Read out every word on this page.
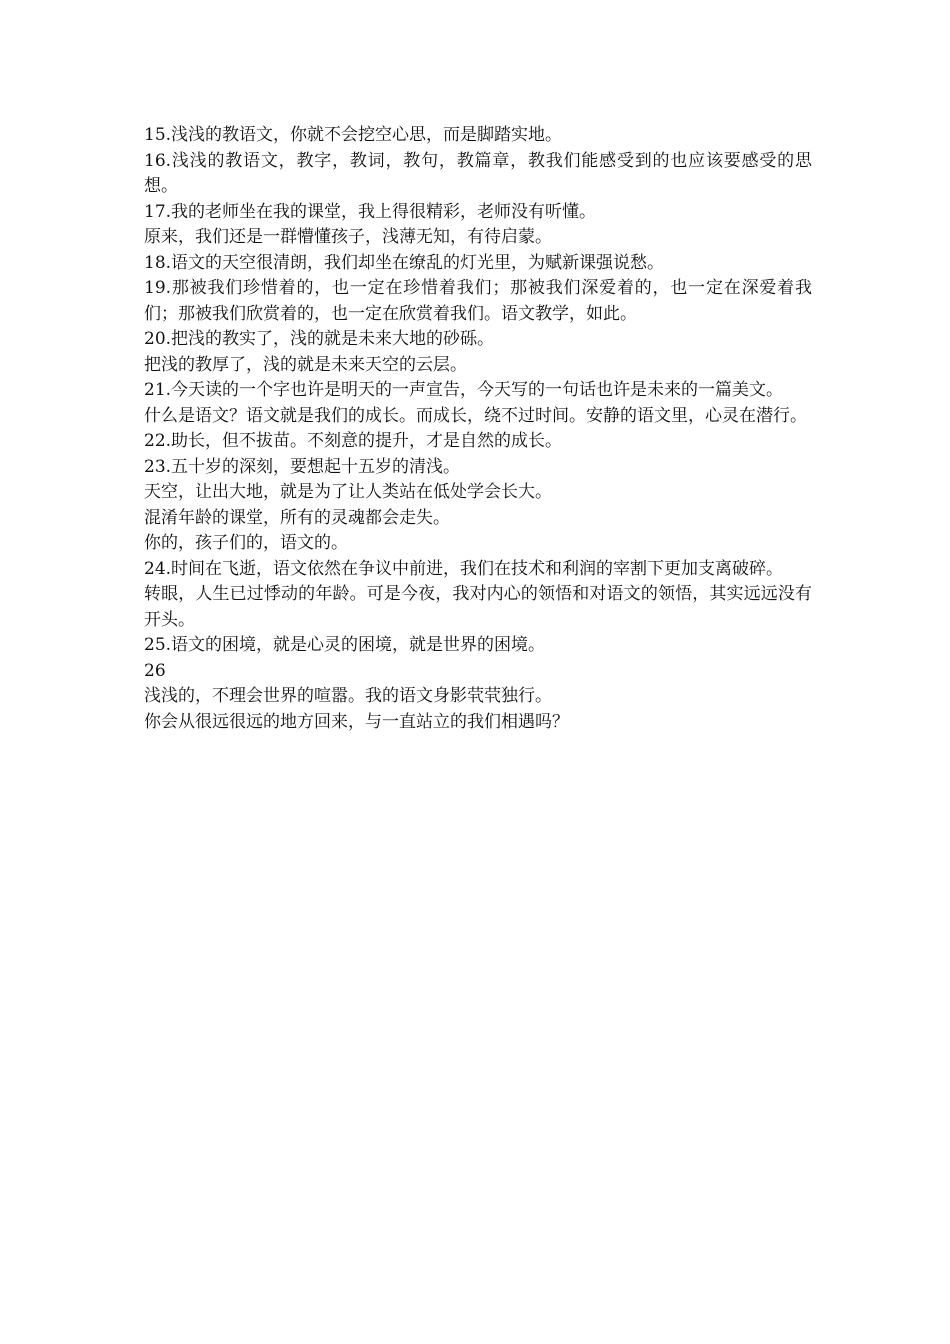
15.浅浅的教语文，你就不会挖空心思，而是脚踏实地。

16.浅浅的教语文，教字，教词，教句，教篇章，教我们能感受到的也应该要感受的思想。

17.我的老师坐在我的课堂，我上得很精彩，老师没有听懂。

原来，我们还是一群懵懂孩子，浅薄无知，有待启蒙。

18.语文的天空很清朗，我们却坐在缭乱的灯光里，为赋新课强说愁。

19.那被我们珍惜着的，也一定在珍惜着我们；那被我们深爱着的，也一定在深爱着我们；那被我们欣赏着的，也一定在欣赏着我们。语文教学，如此。

20.把浅的教实了，浅的就是未来大地的砂砾。

把浅的教厚了，浅的就是未来天空的云层。

21.今天读的一个字也许是明天的一声宣告，今天写的一句话也许是未来的一篇美文。

什么是语文？语文就是我们的成长。而成长，绕不过时间。安静的语文里，心灵在潜行。

22.助长，但不拔苗。不刻意的提升，才是自然的成长。

23.五十岁的深刻，要想起十五岁的清浅。

天空，让出大地，就是为了让人类站在低处学会长大。

混淆年龄的课堂，所有的灵魂都会走失。

你的，孩子们的，语文的。

24.时间在飞逝，语文依然在争议中前进，我们在技术和利润的宰割下更加支离破碎。

转眼，人生已过悸动的年龄。可是今夜，我对内心的领悟和对语文的领悟，其实远远没有开头。

25.语文的困境，就是心灵的困境，就是世界的困境。

26

浅浅的，不理会世界的喧嚣。我的语文身影茕茕独行。

你会从很远很远的地方回来，与一直站立的我们相遇吗？
